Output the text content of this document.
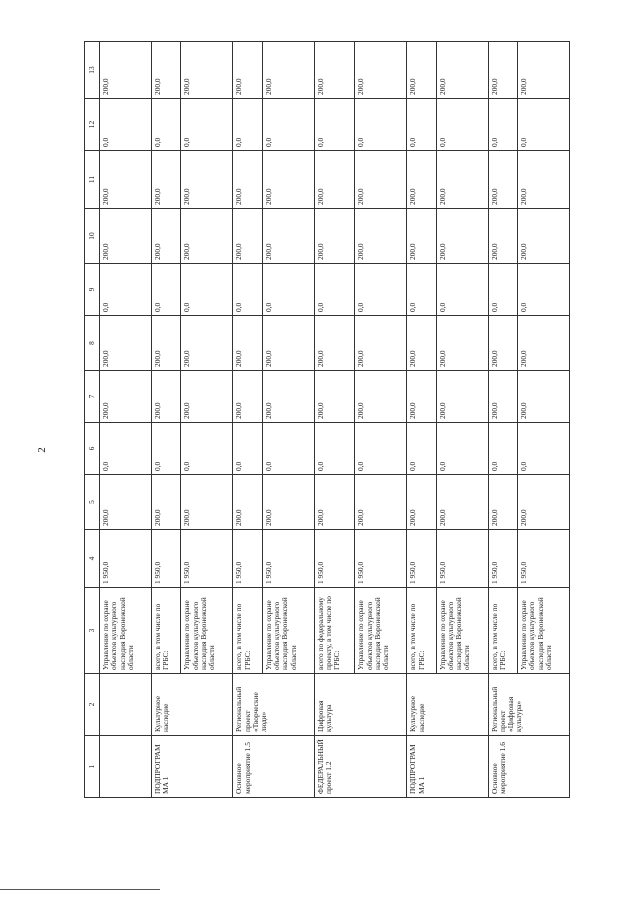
2
1	2	3	4	5	6	7	8	9	10	11	12	13
		Управление по охране объектов культурного наследия Воронежской области	1 950,0	200,0	0,0	200,0	200,0	0,0	200,0	200,0	0,0	200,0
ПОДПРОГРАММА 1	Культурное наследие	всего, в том числе по ГРБС:	1 950,0	200,0	0,0	200,0	200,0	0,0	200,0	200,0	0,0	200,0
		Управление по охране объектов культурного наследия Воронежской области	1 950,0	200,0	0,0	200,0	200,0	0,0	200,0	200,0	0,0	200,0
Основное мероприятие 1.5	Региональный проект «Творческие люди»	всего, в том числе по ГРБС:	1 950,0	200,0	0,0	200,0	200,0	0,0	200,0	200,0	0,0	200,0
		Управление по охране объектов культурного наследия Воронежской области	1 950,0	200,0	0,0	200,0	200,0	0,0	200,0	200,0	0,0	200,0
ФЕДЕРАЛЬНЫЙ проект 1.2	Цифровая культура	всего по федеральному проекту, в том числе по ГРБС:	1 950,0	200,0	0,0	200,0	200,0	0,0	200,0	200,0	0,0	200,0
		Управление по охране объектов культурного наследия Воронежской области	1 950,0	200,0	0,0	200,0	200,0	0,0	200,0	200,0	0,0	200,0
ПОДПРОГРАММА 1	Культурное наследие	всего, в том числе по ГРБС:	1 950,0	200,0	0,0	200,0	200,0	0,0	200,0	200,0	0,0	200,0
		Управление по охране объектов культурного наследия Воронежской области	1 950,0	200,0	0,0	200,0	200,0	0,0	200,0	200,0	0,0	200,0
Основное мероприятие 1.6	Региональный проект «Цифровая культура»	всего, в том числе по ГРБС:	1 950,0	200,0	0,0	200,0	200,0	0,0	200,0	200,0	0,0	200,0
		Управление по охране объектов культурного наследия Воронежской области	1 950,0	200,0	0,0	200,0	200,0	0,0	200,0	200,0	0,0	200,0
